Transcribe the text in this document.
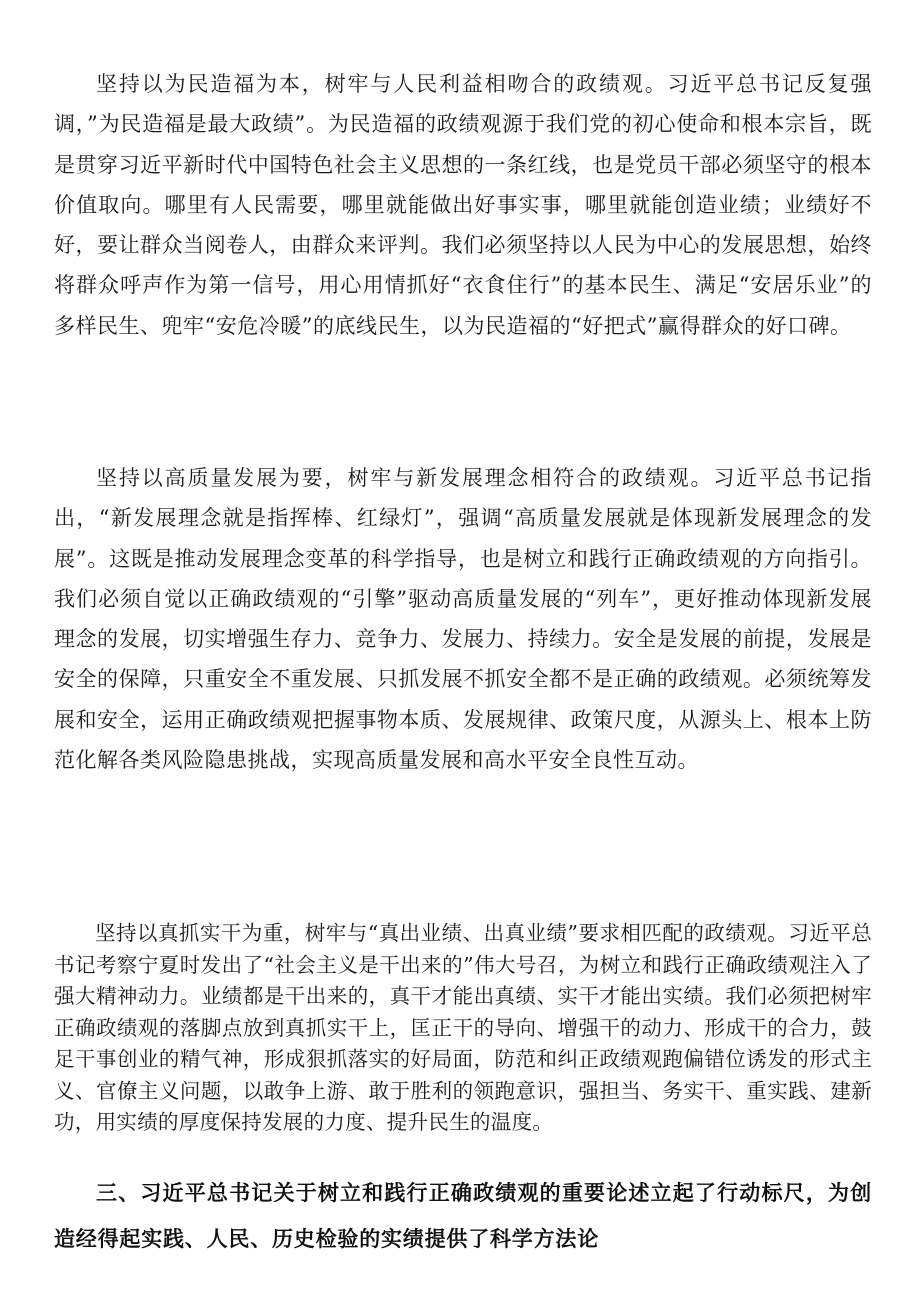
坚持以为民造福为本，树牢与人民利益相吻合的政绩观。习近平总书记反复强调，”为民造福是最大政绩”。为民造福的政绩观源于我们党的初心使命和根本宗旨，既是贯穿习近平新时代中国特色社会主义思想的一条红线，也是党员干部必须坚守的根本价值取向。哪里有人民需要，哪里就能做出好事实事，哪里就能创造业绩；业绩好不好，要让群众当阅卷人，由群众来评判。我们必须坚持以人民为中心的发展思想，始终将群众呼声作为第一信号，用心用情抓好“衣食住行”的基本民生、满足“安居乐业”的多样民生、兜牢“安危冷暖”的底线民生，以为民造福的“好把式”赢得群众的好口碑。

坚持以高质量发展为要，树牢与新发展理念相符合的政绩观。习近平总书记指出，“新发展理念就是指挥棒、红绿灯”，强调“高质量发展就是体现新发展理念的发展”。这既是推动发展理念变革的科学指导，也是树立和践行正确政绩观的方向指引。我们必须自觉以正确政绩观的“引擎”驱动高质量发展的“列车”，更好推动体现新发展理念的发展，切实增强生存力、竞争力、发展力、持续力。安全是发展的前提，发展是安全的保障，只重安全不重发展、只抓发展不抓安全都不是正确的政绩观。必须统筹发展和安全，运用正确政绩观把握事物本质、发展规律、政策尺度，从源头上、根本上防范化解各类风险隐患挑战，实现高质量发展和高水平安全良性互动。

坚持以真抓实干为重，树牢与“真出业绩、出真业绩”要求相匹配的政绩观。习近平总书记考察宁夏时发出了“社会主义是干出来的”伟大号召，为树立和践行正确政绩观注入了强大精神动力。业绩都是干出来的，真干才能出真绩、实干才能出实绩。我们必须把树牢正确政绩观的落脚点放到真抓实干上，匡正干的导向、增强干的动力、形成干的合力，鼓足干事创业的精气神，形成狠抓落实的好局面，防范和纠正政绩观跑偏错位诱发的形式主义、官僚主义问题，以敢争上游、敢于胜利的领跑意识，强担当、务实干、重实践、建新功，用实绩的厚度保持发展的力度、提升民生的温度。

三、习近平总书记关于树立和践行正确政绩观的重要论述立起了行动标尺，为创造经得起实践、人民、历史检验的实绩提供了科学方法论
